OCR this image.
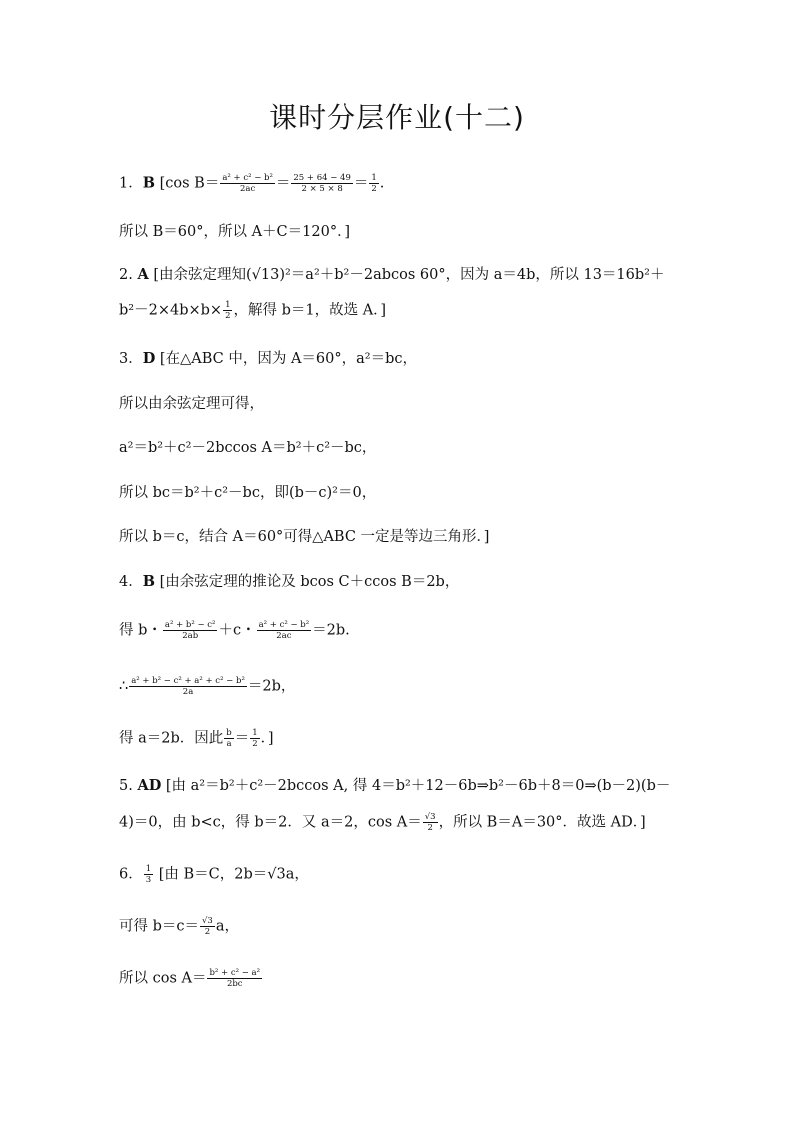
课时分层作业(十二)
1．B [cos $B= \frac{\text{a² + c² − b²}}{2ac} = \frac{25 + 64 - 49}{2 \times 5 \times 8} = \frac{1}{2}$ .
所以 B＝60°，所以 A＋C＝120°．]
2. A [由余弦定理知(√13)²＝a²＋b²－2abcos 60°，因为 a＝4b，所以 13＝16b²＋
$b^2-2\times 4b\times b\times \frac{1}{2}$ ，解得 b＝1，故选 A．]
3．D [在△ABC 中，因为 A＝60°，a²＝bc，
所以由余弦定理可得，
a²＝b²＋c²－2bccos A＝b²＋c²－bc，
所以 bc＝b²＋c²－bc，即(b－c)²＝0，
所以 b＝c，结合 A＝60°可得△ABC 一定是等边三角形．]
4．B [由余弦定理的推论及 bcos C＋ccos B＝2b，
得 b・ $\frac{\text{a² + b² − c²}}{2ab} +c$・ $\frac{\text{a² + c² − b²}}{2ac} =2b$.
∴ $\frac{\text{a² + b² − c² + a² + c² − b²}}{2a} =2b$，
得 a＝2b．因此 $\frac{b}{a} = \frac{1}{2}$ ．]
5. AD [由 a²＝b²＋c²－2bccos A, 得 4＝b²＋12－6b⇒b²－6b＋8＝0⇒(b－2)(b－
4)＝0，由 b<c，得 b＝2．又 a＝2，$\cos A= \frac{√3}{2}$ ，所以 B＝A＝30°．故选 AD．]
6． $\frac{1}{3}$ [由 B＝C，2b＝√3a，
可得 $b=c= \frac{√3}{2}$ a，
所以 $\cos A= \frac{\text{b² + c² − a²}}{2bc}$
